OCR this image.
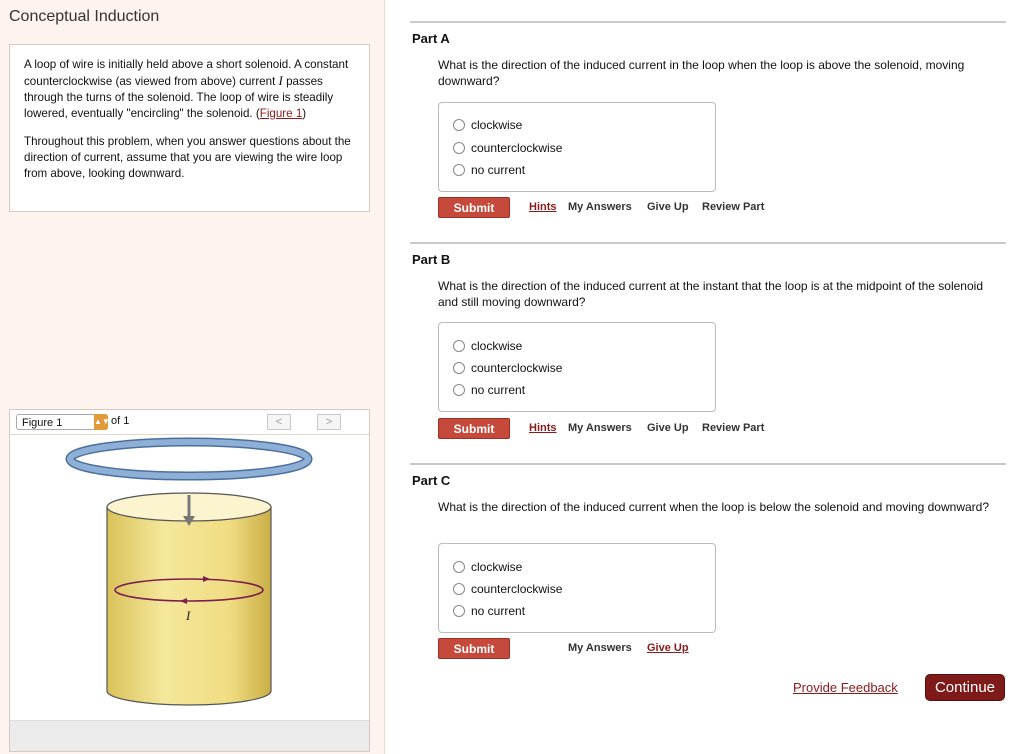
Conceptual Induction

A loop of wire is initially held above a short solenoid. A constant counterclockwise (as viewed from above) current I passes through the turns of the solenoid. The loop of wire is steadily lowered, eventually "encircling" the solenoid. (Figure 1)

Throughout this problem, when you answer questions about the direction of current, assume that you are viewing the wire loop from above, looking downward.

Figure 1	▲▼ of 1	<	>
I
Part A
What is the direction of the induced current in the loop when the loop is above the solenoid, moving downward?
clockwise
counterclockwise
no current
Submit	Hints My Answers Give Up Review Part
Part B
What is the direction of the induced current at the instant that the loop is at the midpoint of the solenoid and still moving downward?
clockwise
counterclockwise
no current
Submit	Hints My Answers Give Up Review Part
Part C
What is the direction of the induced current when the loop is below the solenoid and moving downward?
clockwise
counterclockwise
no current
Submit	My Answers Give Up
Provide Feedback	Continue
